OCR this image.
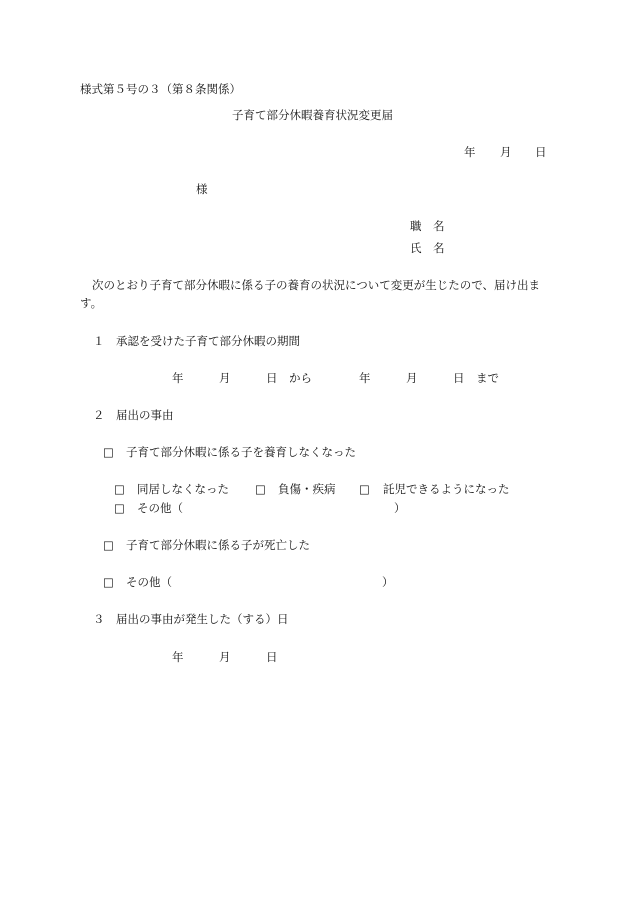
様式第５号の３（第８条関係）
子育て部分休暇養育状況変更届
年 月 日
様
職　名
氏　名
次のとおり子育て部分休暇に係る子の養育の状況について変更が生じたので、届け出ま
す。
１　承認を受けた子育て部分休暇の期間
年	月	日 から	年	月	日 まで
２　届出の事由
□ 子育て部分休暇に係る子を養育しなくなった
□ 同居しなくなった □ 負傷・疾病 □ 託児できるようになった
□ その他（	）
□ 子育て部分休暇に係る子が死亡した
□ その他（	）
３　届出の事由が発生した（する）日
年	月	日
